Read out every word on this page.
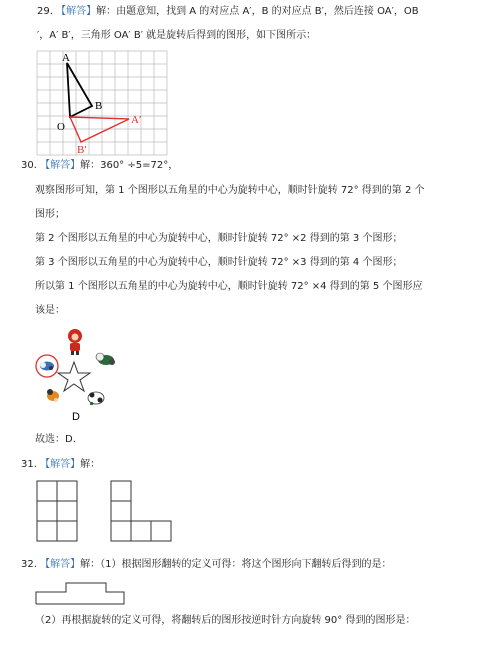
29. 【解答】解：由题意知，找到 A 的对应点 A′，B 的对应点 B′，然后连接 OA′，OB
′，A′ B′，三角形 OA′ B′ 就是旋转后得到的图形，如下图所示：
A
B
O
A′
B′
30. 【解答】解：360° ÷5=72°，
观察图形可知，第 1 个图形以五角星的中心为旋转中心，顺时针旋转 72° 得到的第 2 个
图形；
第 2 个图形以五角星的中心为旋转中心，顺时针旋转 72° ×2 得到的第 3 个图形；
第 3 个图形以五角星的中心为旋转中心，顺时针旋转 72° ×3 得到的第 4 个图形；
所以第 1 个图形以五角星的中心为旋转中心，顺时针旋转 72° ×4 得到的第 5 个图形应
该是：
D
故选：D.
31. 【解答】解：
32. 【解答】解：（1）根据图形翻转的定义可得：将这个图形向下翻转后得到的是：
（2）再根据旋转的定义可得，将翻转后的图形按逆时针方向旋转 90° 得到的图形是：
